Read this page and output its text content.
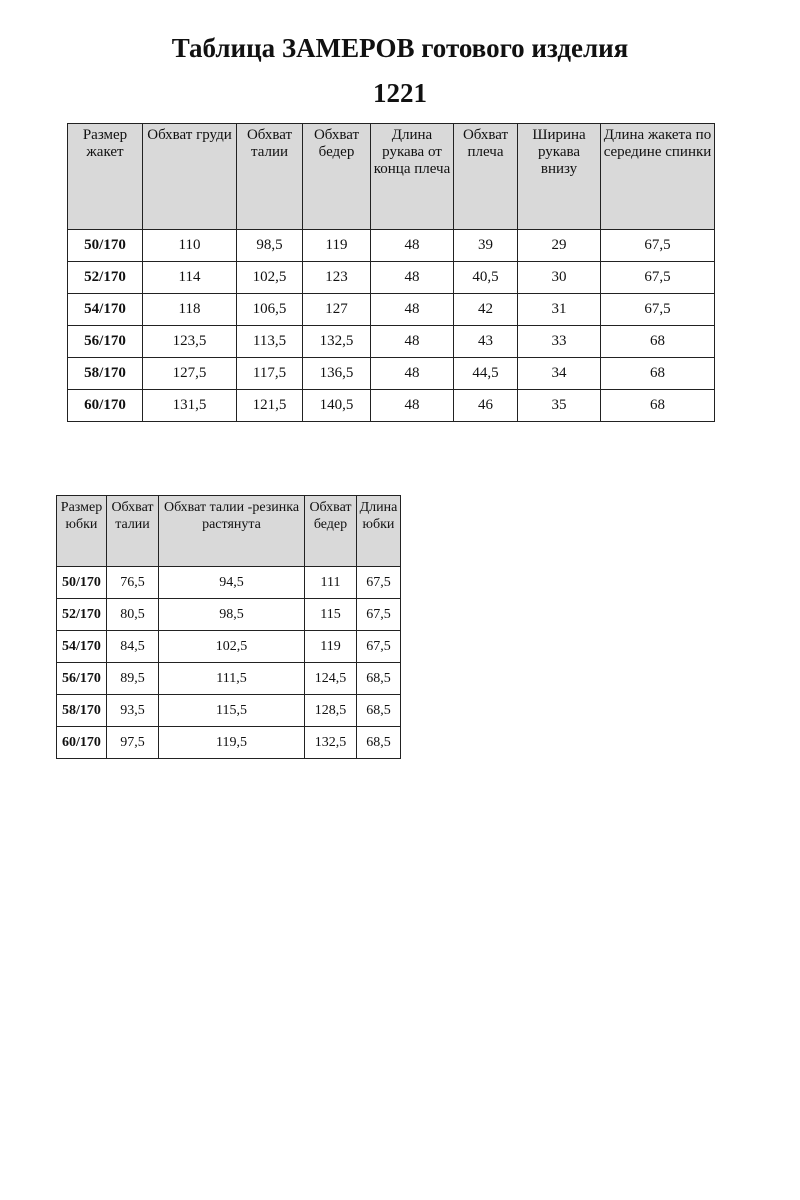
Таблица ЗАМЕРОВ готового изделия
1221
Размер жакет	Обхват груди	Обхват талии	Обхват бедер	Длина рукава от конца плеча	Обхват плеча	Ширина рукава внизу	Длина жакета по середине спинки
50/170	110	98,5	119	48	39	29	67,5
52/170	114	102,5	123	48	40,5	30	67,5
54/170	118	106,5	127	48	42	31	67,5
56/170	123,5	113,5	132,5	48	43	33	68
58/170	127,5	117,5	136,5	48	44,5	34	68
60/170	131,5	121,5	140,5	48	46	35	68
Размер юбки	Обхват талии	Обхват талии -резинка растянута	Обхват бедер	Длина юбки
50/170	76,5	94,5	111	67,5
52/170	80,5	98,5	115	67,5
54/170	84,5	102,5	119	67,5
56/170	89,5	111,5	124,5	68,5
58/170	93,5	115,5	128,5	68,5
60/170	97,5	119,5	132,5	68,5
